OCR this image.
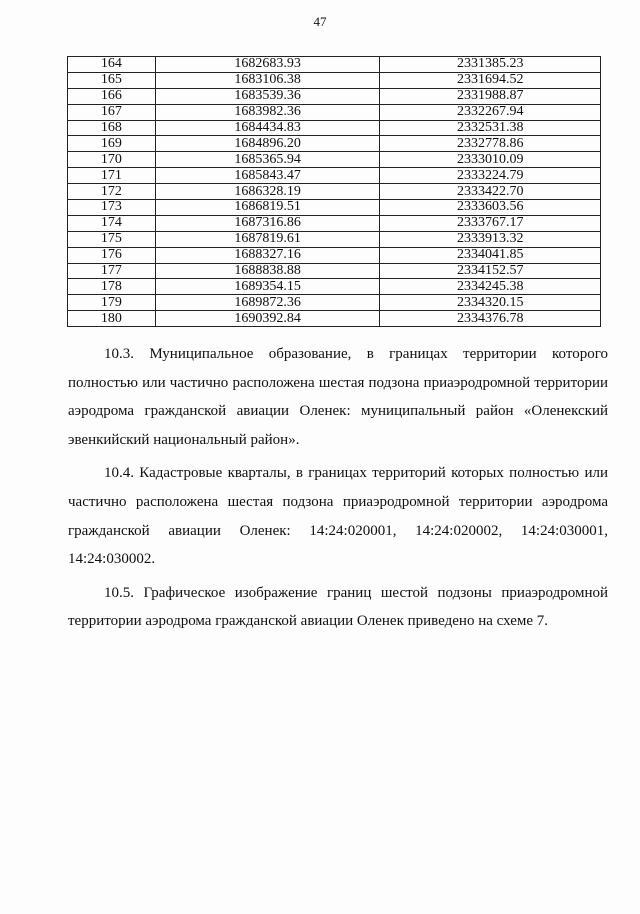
47
164	1682683.93	2331385.23
165	1683106.38	2331694.52
166	1683539.36	2331988.87
167	1683982.36	2332267.94
168	1684434.83	2332531.38
169	1684896.20	2332778.86
170	1685365.94	2333010.09
171	1685843.47	2333224.79
172	1686328.19	2333422.70
173	1686819.51	2333603.56
174	1687316.86	2333767.17
175	1687819.61	2333913.32
176	1688327.16	2334041.85
177	1688838.88	2334152.57
178	1689354.15	2334245.38
179	1689872.36	2334320.15
180	1690392.84	2334376.78

10.3. Муниципальное образование, в границах территории которого полностью или частично расположена шестая подзона приаэродромной территории аэродрома гражданской авиации Оленек: муниципальный район «Оленекский эвенкийский национальный район».

10.4. Кадастровые кварталы, в границах территорий которых полностью или частично расположена шестая подзона приаэродромной территории аэродрома гражданской авиации Оленек: 14:24:020001, 14:24:020002, 14:24:030001, 14:24:030002.

10.5. Графическое изображение границ шестой подзоны приаэродромной территории аэродрома гражданской авиации Оленек приведено на схеме 7.
